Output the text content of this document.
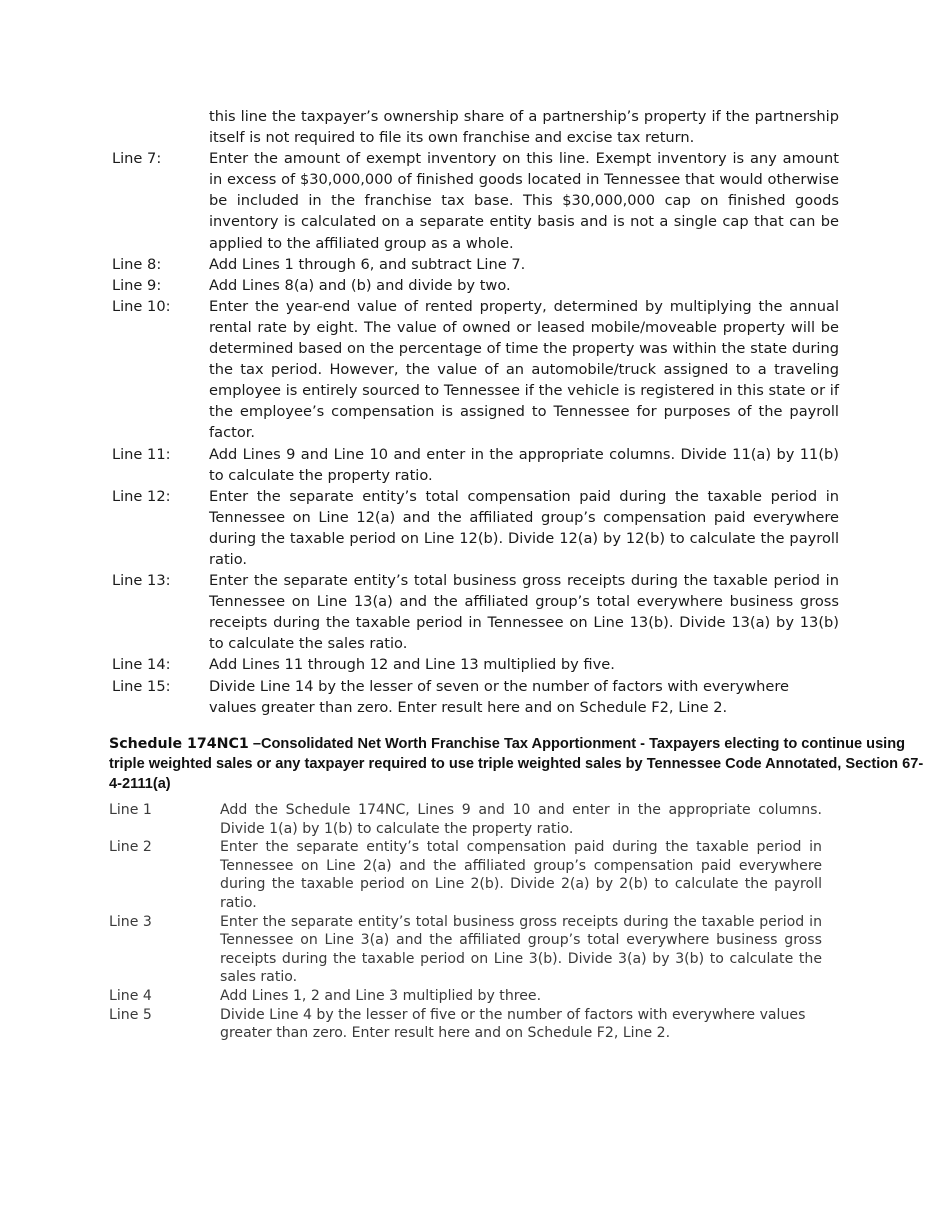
this line the taxpayer’s ownership share of a partnership’s property if the partnership itself is not required to file its own franchise and excise tax return.
Line 7:	Enter the amount of exempt inventory on this line. Exempt inventory is any amount in excess of $30,000,000 of finished goods located in Tennessee that would otherwise be included in the franchise tax base. This $30,000,000 cap on finished goods inventory is calculated on a separate entity basis and is not a single cap that can be applied to the affiliated group as a whole.
Line 8:	Add Lines 1 through 6, and subtract Line 7.
Line 9:	Add Lines 8(a) and (b) and divide by two.
Line 10:	Enter the year-end value of rented property, determined by multiplying the annual rental rate by eight. The value of owned or leased mobile/moveable property will be determined based on the percentage of time the property was within the state during the tax period. However, the value of an automobile/truck assigned to a traveling employee is entirely sourced to Tennessee if the vehicle is registered in this state or if the employee’s compensation is assigned to Tennessee for purposes of the payroll factor.
Line 11:	Add Lines 9 and Line 10 and enter in the appropriate columns. Divide 11(a) by 11(b) to calculate the property ratio.
Line 12:	Enter the separate entity’s total compensation paid during the taxable period in Tennessee on Line 12(a) and the affiliated group’s compensation paid everywhere during the taxable period on Line 12(b). Divide 12(a) by 12(b) to calculate the payroll ratio.
Line 13:	Enter the separate entity’s total business gross receipts during the taxable period in Tennessee on Line 13(a) and the affiliated group’s total everywhere business gross receipts during the taxable period in Tennessee on Line 13(b). Divide 13(a) by 13(b) to calculate the sales ratio.
Line 14:	Add Lines 11 through 12 and Line 13 multiplied by five.
Line 15:	Divide Line 14 by the lesser of seven or the number of factors with everywhere values greater than zero. Enter result here and on Schedule F2, Line 2.
Schedule 174NC1 –Consolidated Net Worth Franchise Tax Apportionment - Taxpayers electing to continue using triple weighted sales or any taxpayer required to use triple weighted sales by Tennessee Code Annotated, Section 67-4-2111(a)
Line 1	Add the Schedule 174NC, Lines 9 and 10 and enter in the appropriate columns. Divide 1(a) by 1(b) to calculate the property ratio.
Line 2	Enter the separate entity’s total compensation paid during the taxable period in Tennessee on Line 2(a) and the affiliated group’s compensation paid everywhere during the taxable period on Line 2(b). Divide 2(a) by 2(b) to calculate the payroll ratio.
Line 3	Enter the separate entity’s total business gross receipts during the taxable period in Tennessee on Line 3(a) and the affiliated group’s total everywhere business gross receipts during the taxable period on Line 3(b). Divide 3(a) by 3(b) to calculate the sales ratio.
Line 4	Add Lines 1, 2 and Line 3 multiplied by three.
Line 5	Divide Line 4 by the lesser of five or the number of factors with everywhere values greater than zero. Enter result here and on Schedule F2, Line 2.
